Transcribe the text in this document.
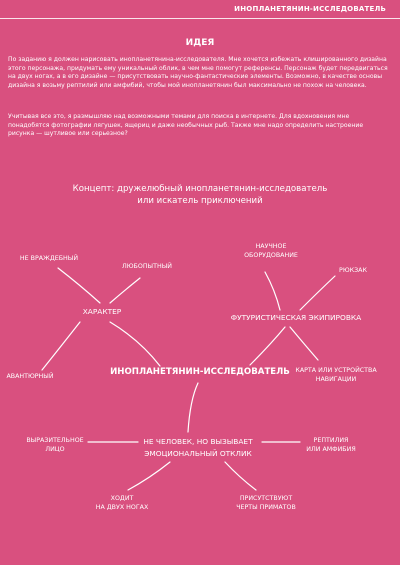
ИНОПЛАНЕТЯНИН-ИССЛЕДОВАТЕЛЬ
ИДЕЯ
По заданию я должен нарисовать инопланетянина-исследователя. Мне хочется избежать клишированного дизайна этого персонажа, придумать ему уникальный облик, в чем мне помогут референсы. Персонаж будет передвигаться на двух ногах, а в его дизайне — присутствовать научно-фантастические элементы. Возможно, в качестве основы дизайна я возьму рептилий или амфибий, чтобы мой инопланетянин был максимально не похож на человека.
Учитывая все это, я размышляю над возможными темами для поиска в интернете. Для вдохновения мне понадобятся фотографии лягушек, ящериц и даже необычных рыб. Также мне надо определить настроение рисунка — шутливое или серьезное?
Концепт: дружелюбный инопланетянин-исследователь
или искатель приключений
НЕ ВРАЖДЕБНЫЙ
ЛЮБОПЫТНЫЙ
ХАРАКТЕР
АВАНТЮРНЫЙ
НАУЧНОЕ
ОБОРУДОВАНИЕ
РЮКЗАК
ФУТУРИСТИЧЕСКАЯ ЭКИПИРОВКА
КАРТА ИЛИ УСТРОЙСТВА
НАВИГАЦИИ
ИНОПЛАНЕТЯНИН-ИССЛЕДОВАТЕЛЬ
ВЫРАЗИТЕЛЬНОЕ
ЛИЦО
НЕ ЧЕЛОВЕК, НО ВЫЗЫВАЕТ
ЭМОЦИОНАЛЬНЫЙ ОТКЛИК
РЕПТИЛИЯ
ИЛИ АМФИБИЯ
ХОДИТ
НА ДВУХ НОГАХ
ПРИСУТСТВУЮТ
ЧЕРТЫ ПРИМАТОВ
